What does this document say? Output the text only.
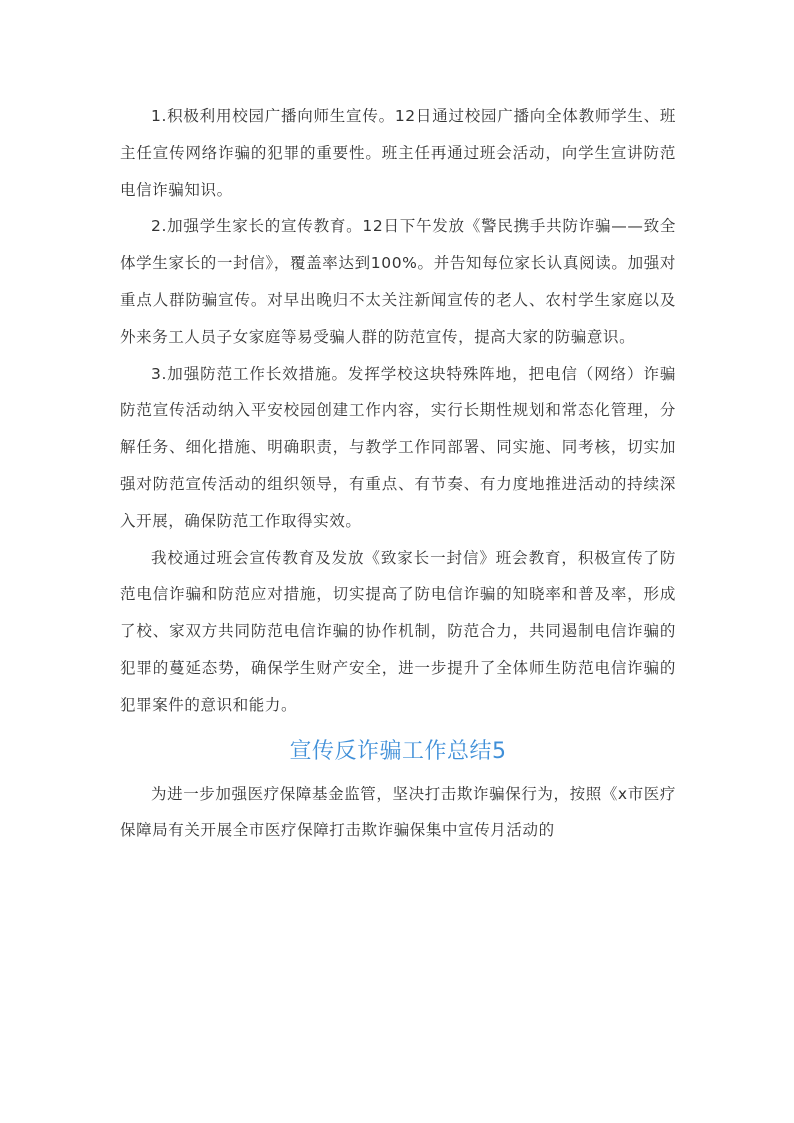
1.积极利用校园广播向师生宣传。12日通过校园广播向全体教师学生、班主任宣传网络诈骗的犯罪的重要性。班主任再通过班会活动，向学生宣讲防范电信诈骗知识。

2.加强学生家长的宣传教育。12日下午发放《警民携手共防诈骗——致全体学生家长的一封信》，覆盖率达到100%。并告知每位家长认真阅读。加强对重点人群防骗宣传。对早出晚归不太关注新闻宣传的老人、农村学生家庭以及外来务工人员子女家庭等易受骗人群的防范宣传，提高大家的防骗意识。

3.加强防范工作长效措施。发挥学校这块特殊阵地，把电信（网络）诈骗防范宣传活动纳入平安校园创建工作内容，实行长期性规划和常态化管理，分解任务、细化措施、明确职责，与教学工作同部署、同实施、同考核，切实加强对防范宣传活动的组织领导，有重点、有节奏、有力度地推进活动的持续深入开展，确保防范工作取得实效。

我校通过班会宣传教育及发放《致家长一封信》班会教育，积极宣传了防范电信诈骗和防范应对措施，切实提高了防电信诈骗的知晓率和普及率，形成了校、家双方共同防范电信诈骗的协作机制，防范合力，共同遏制电信诈骗的犯罪的蔓延态势，确保学生财产安全，进一步提升了全体师生防范电信诈骗的犯罪案件的意识和能力。

宣传反诈骗工作总结5

为进一步加强医疗保障基金监管，坚决打击欺诈骗保行为，按照《x市医疗保障局有关开展全市医疗保障打击欺诈骗保集中宣传月活动的
